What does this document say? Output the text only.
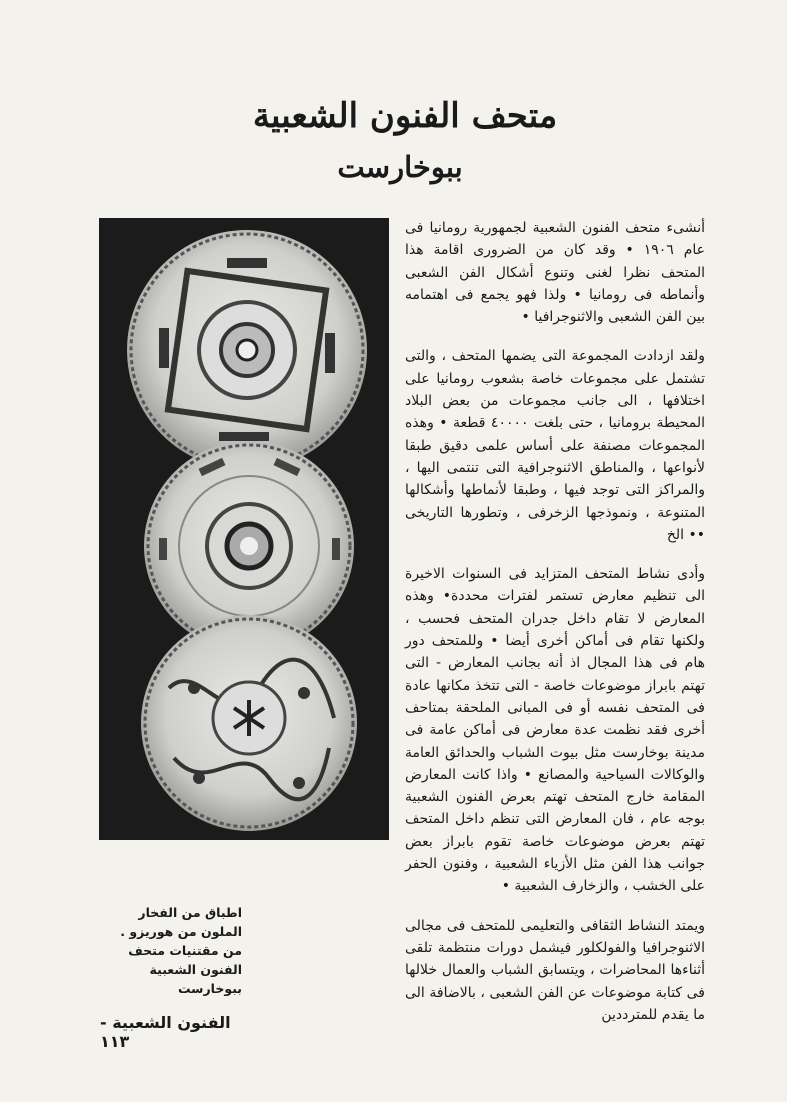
متحف الفنون الشعبية
ببوخارست

أنشىء متحف الفنون الشعبية لجمهورية رومانيا فى عام ١٩٠٦ • وقد كان من الضرورى اقامة هذا المتحف نظرا لغنى وتنوع أشكال الفن الشعبى وأنماطه فى رومانيا • ولذا فهو يجمع فى اهتمامه بين الفن الشعبى والاثنوجرافيا •

ولقد ازدادت المجموعة التى يضمها المتحف ، والتى تشتمل على مجموعات خاصة بشعوب رومانيا على اختلافها ، الى جانب مجموعات من بعض البلاد المحيطة برومانيا ، حتى بلغت ٤٠٠٠٠ قطعة • وهذه المجموعات مصنفة على أساس علمى دقيق طبقا لأنواعها ، والمناطق الاثنوجرافية التى تنتمى اليها ، والمراكز التى توجد فيها ، وطبقا لأنماطها وأشكالها المتنوعة ، ونموذجها الزخرفى ، وتطورها التاريخى •• الخ

وأدى نشاط المتحف المتزايد فى السنوات الاخيرة الى تنظيم معارض تستمر لفترات محددة• وهذه المعارض لا تقام داخل جدران المتحف فحسب ، ولكنها تقام فى أماكن أخرى أيضا • وللمتحف دور هام فى هذا المجال اذ أنه بجانب المعارض - التى تهتم بابراز موضوعات خاصة - التى تتخذ مكانها عادة فى المتحف نفسه أو فى المبانى الملحقة بمتاحف أخرى فقد نظمت عدة معارض فى أماكن عامة فى مدينة بوخارست مثل بيوت الشباب والحدائق العامة والوكالات السياحية والمصانع • واذا كانت المعارض المقامة خارج المتحف تهتم بعرض الفنون الشعبية بوجه عام ، فان المعارض التى تنظم داخل المتحف تهتم بعرض موضوعات خاصة تقوم بابراز بعض جوانب هذا الفن مثل الأزياء الشعبية ، وفنون الحفر على الخشب ، والزخارف الشعبية •

ويمتد النشاط الثقافى والتعليمى للمتحف فى مجالى الاثنوجرافيا والفولكلور فيشمل دورات منتظمة تلقى أثناءها المحاضرات ، ويتسابق الشباب والعمال خلالها فى كتابة موضوعات عن الفن الشعبى ، بالاضافة الى ما يقدم للمترددين

اطباق من الفخار الملون من هوريزو . من مقتنيات متحف الفنون الشعبية ببوخارست
الفنون الشعبية - ١١٣
